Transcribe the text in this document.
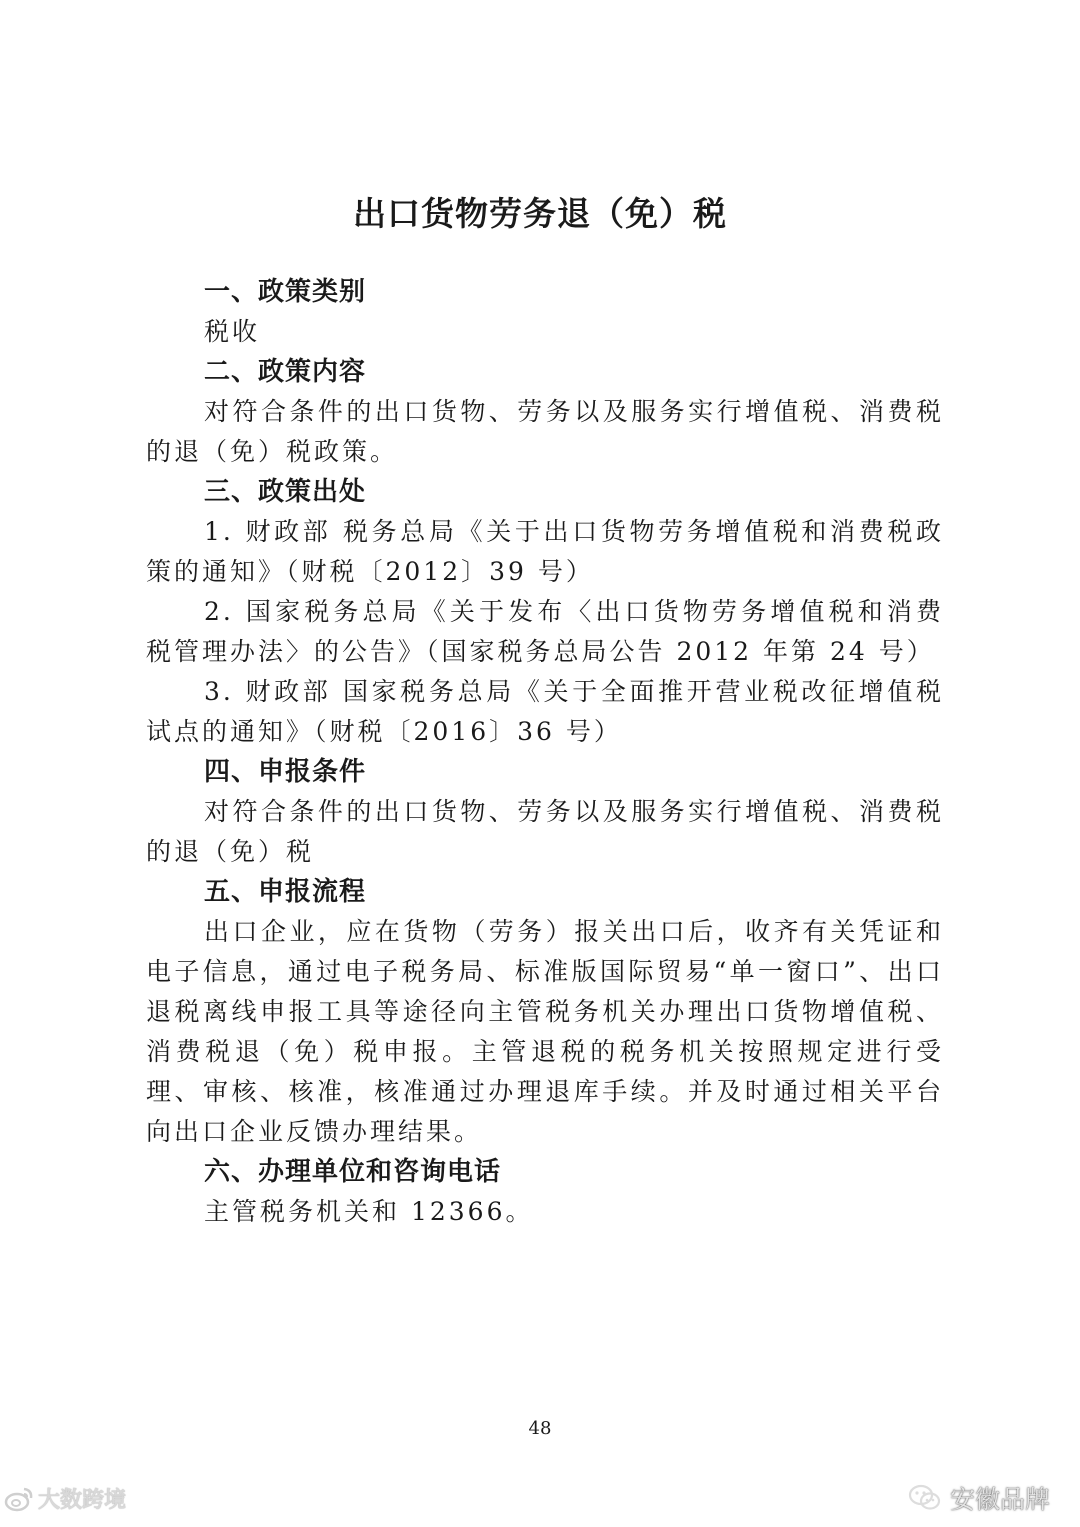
出口货物劳务退（免）税

一、政策类别

税收

二、政策内容

对符合条件的出口货物、劳务以及服务实行增值税、消费税的退（免）税政策。

三、政策出处

1. 财政部 税务总局《关于出口货物劳务增值税和消费税政策的通知》（财税〔2012〕39 号）

2. 国家税务总局《关于发布〈出口货物劳务增值税和消费税管理办法〉的公告》（国家税务总局公告 2012 年第 24 号）

3. 财政部 国家税务总局《关于全面推开营业税改征增值税试点的通知》（财税〔2016〕36 号）

四、申报条件

对符合条件的出口货物、劳务以及服务实行增值税、消费税的退（免）税

五、申报流程

出口企业，应在货物（劳务）报关出口后，收齐有关凭证和电子信息，通过电子税务局、标准版国际贸易“单一窗口”、出口退税离线申报工具等途径向主管税务机关办理出口货物增值税、消费税退（免）税申报。主管退税的税务机关按照规定进行受理、审核、核准，核准通过办理退库手续。并及时通过相关平台向出口企业反馈办理结果。

六、办理单位和咨询电话

主管税务机关和 12366。

48
大数跨境	安徽品牌
